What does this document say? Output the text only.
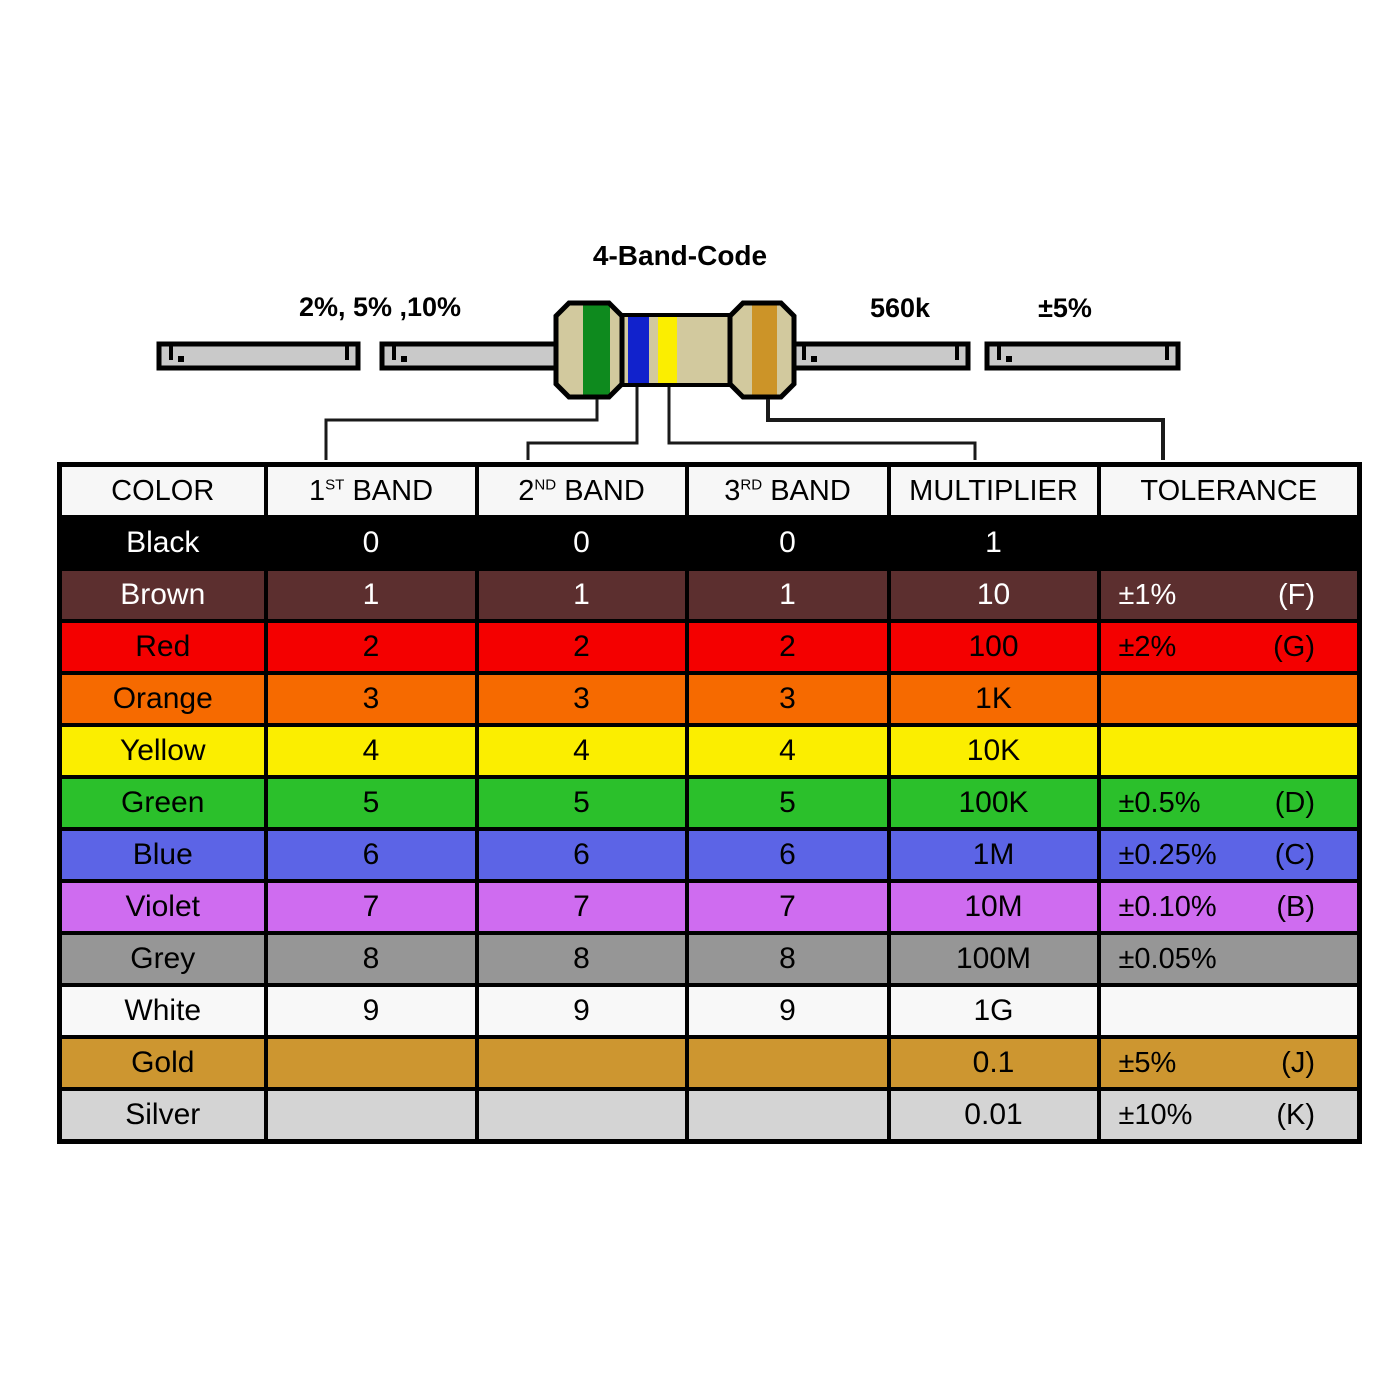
4-Band-Code
2%, 5% ,10%	560k	±5%
COLOR	1ST BAND	2ND BAND	3RD BAND	MULTIPLIER	TOLERANCE
Black	0	0	0	1	

Brown	1	1	1	10	±1% (F)

Red	2	2	2	100	±2% (G)

Orange	3	3	3	1K	

Yellow	4	4	4	10K	

Green	5	5	5	100K	±0.5% (D)

Blue	6	6	6	1M	±0.25% (C)

Violet	7	7	7	10M	±0.10% (B)

Grey	8	8	8	100M	±0.05%

White	9	9	9	1G	

Gold				0.1	±5% (J)

Silver				0.01	±10% (K)
